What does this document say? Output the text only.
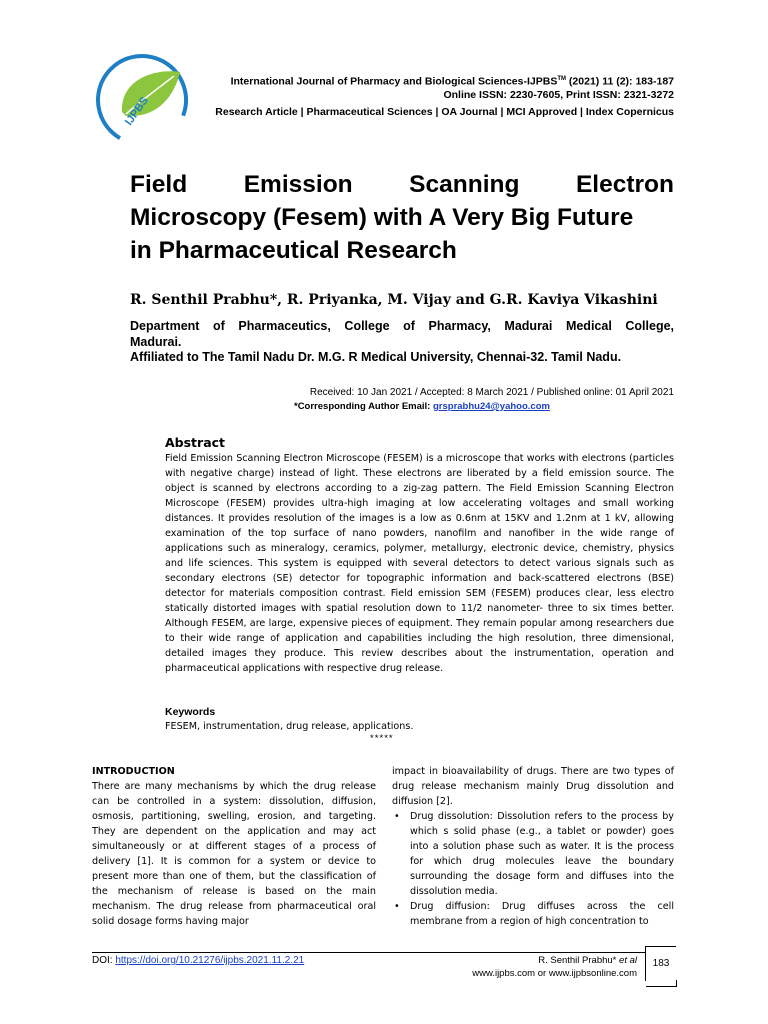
IJPBS
International Journal of Pharmacy and Biological Sciences-IJPBS™ (2021) 11 (2): 183-187
Online ISSN: 2230-7605, Print ISSN: 2321-3272
Research Article | Pharmaceutical Sciences | OA Journal | MCI Approved | Index Copernicus
Field Emission Scanning Electron
Microscopy (Fesem) with A Very Big Future
in Pharmaceutical Research
R. Senthil Prabhu*, R. Priyanka, M. Vijay and G.R. Kaviya Vikashini
Department of Pharmaceutics, College of Pharmacy, Madurai Medical College,
Madurai.
Affiliated to The Tamil Nadu Dr. M.G. R Medical University, Chennai-32. Tamil Nadu.
Received: 10 Jan 2021 / Accepted: 8 March 2021 / Published online: 01 April 2021
*Corresponding Author Email: grsprabhu24@yahoo.com
Abstract
Field Emission Scanning Electron Microscope (FESEM) is a microscope that works with electrons (particles with negative charge) instead of light. These electrons are liberated by a field emission source. The object is scanned by electrons according to a zig-zag pattern. The Field Emission Scanning Electron Microscope (FESEM) provides ultra-high imaging at low accelerating voltages and small working distances. It provides resolution of the images is a low as 0.6nm at 15KV and 1.2nm at 1 kV, allowing examination of the top surface of nano powders, nanofilm and nanofiber in the wide range of applications such as mineralogy, ceramics, polymer, metallurgy, electronic device, chemistry, physics and life sciences. This system is equipped with several detectors to detect various signals such as secondary electrons (SE) detector for topographic information and back-scattered electrons (BSE) detector for materials composition contrast. Field emission SEM (FESEM) produces clear, less electro statically distorted images with spatial resolution down to 11/2 nanometer- three to six times better. Although FESEM, are large, expensive pieces of equipment. They remain popular among researchers due to their wide range of application and capabilities including the high resolution, three dimensional, detailed images they produce. This review describes about the instrumentation, operation and pharmaceutical applications with respective drug release.
Keywords
FESEM, instrumentation, drug release, applications.
*****
INTRODUCTION
There are many mechanisms by which the drug release can be controlled in a system: dissolution, diffusion, osmosis, partitioning, swelling, erosion, and targeting. They are dependent on the application and may act simultaneously or at different stages of a process of delivery [1]. It is common for a system or device to present more than one of them, but the classification of the mechanism of release is based on the main mechanism. The drug release from pharmaceutical oral solid dosage forms having major
impact in bioavailability of drugs. There are two types of drug release mechanism mainly Drug dissolution and diffusion [2].
• Drug dissolution: Dissolution refers to the process by which s solid phase (e.g., a tablet or powder) goes into a solution phase such as water. It is the process for which drug molecules leave the boundary surrounding the dosage form and diffuses into the dissolution media.
• Drug diffusion: Drug diffuses across the cell membrane from a region of high concentration to
183
DOI: https://doi.org/10.21276/ijpbs.2021.11.2.21	R. Senthil Prabhu* et al
www.ijpbs.com or www.ijpbsonline.com
